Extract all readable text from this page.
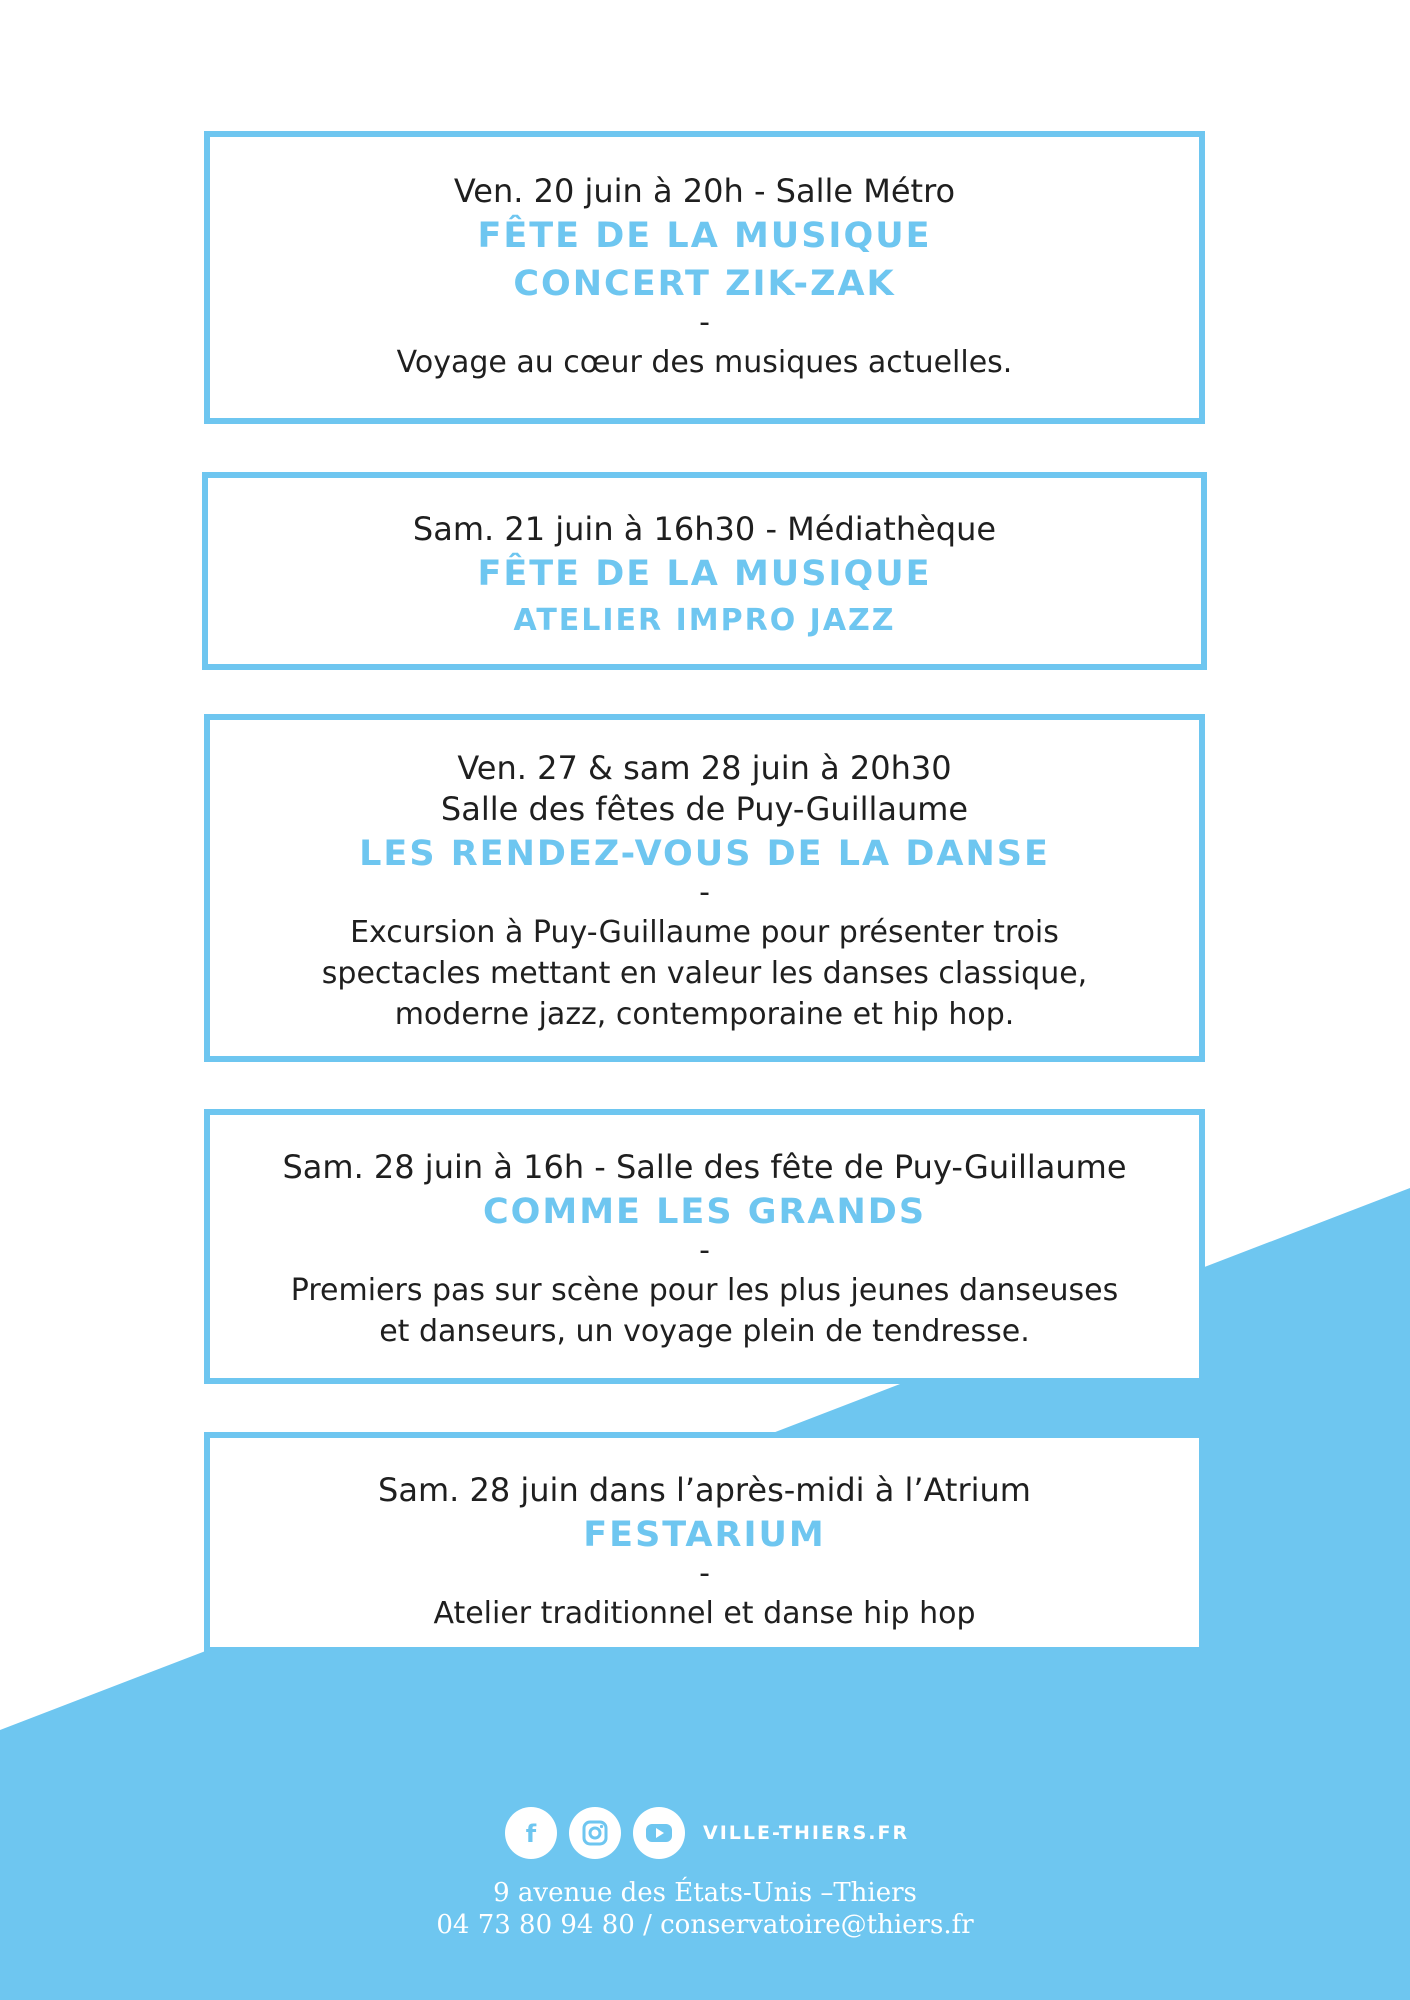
Ven. 20 juin à 20h - Salle Métro
FÊTE DE LA MUSIQUE
CONCERT ZIK-ZAK
-
Voyage au cœur des musiques actuelles.
Sam. 21 juin à 16h30 - Médiathèque
FÊTE DE LA MUSIQUE
ATELIER IMPRO JAZZ
Ven. 27 & sam 28 juin à 20h30
Salle des fêtes de Puy-Guillaume
LES RENDEZ-VOUS DE LA DANSE
-
Excursion à Puy-Guillaume pour présenter trois
spectacles mettant en valeur les danses classique,
moderne jazz, contemporaine et hip hop.
Sam. 28 juin à 16h - Salle des fête de Puy-Guillaume
COMME LES GRANDS
-
Premiers pas sur scène pour les plus jeunes danseuses
et danseurs, un voyage plein de tendresse.
Sam. 28 juin dans l’après-midi à l’Atrium
FESTARIUM
-
Atelier traditionnel et danse hip hop
f	VILLE-THIERS.FR
9 avenue des États-Unis –Thiers
04 73 80 94 80 / conservatoire@thiers.fr
